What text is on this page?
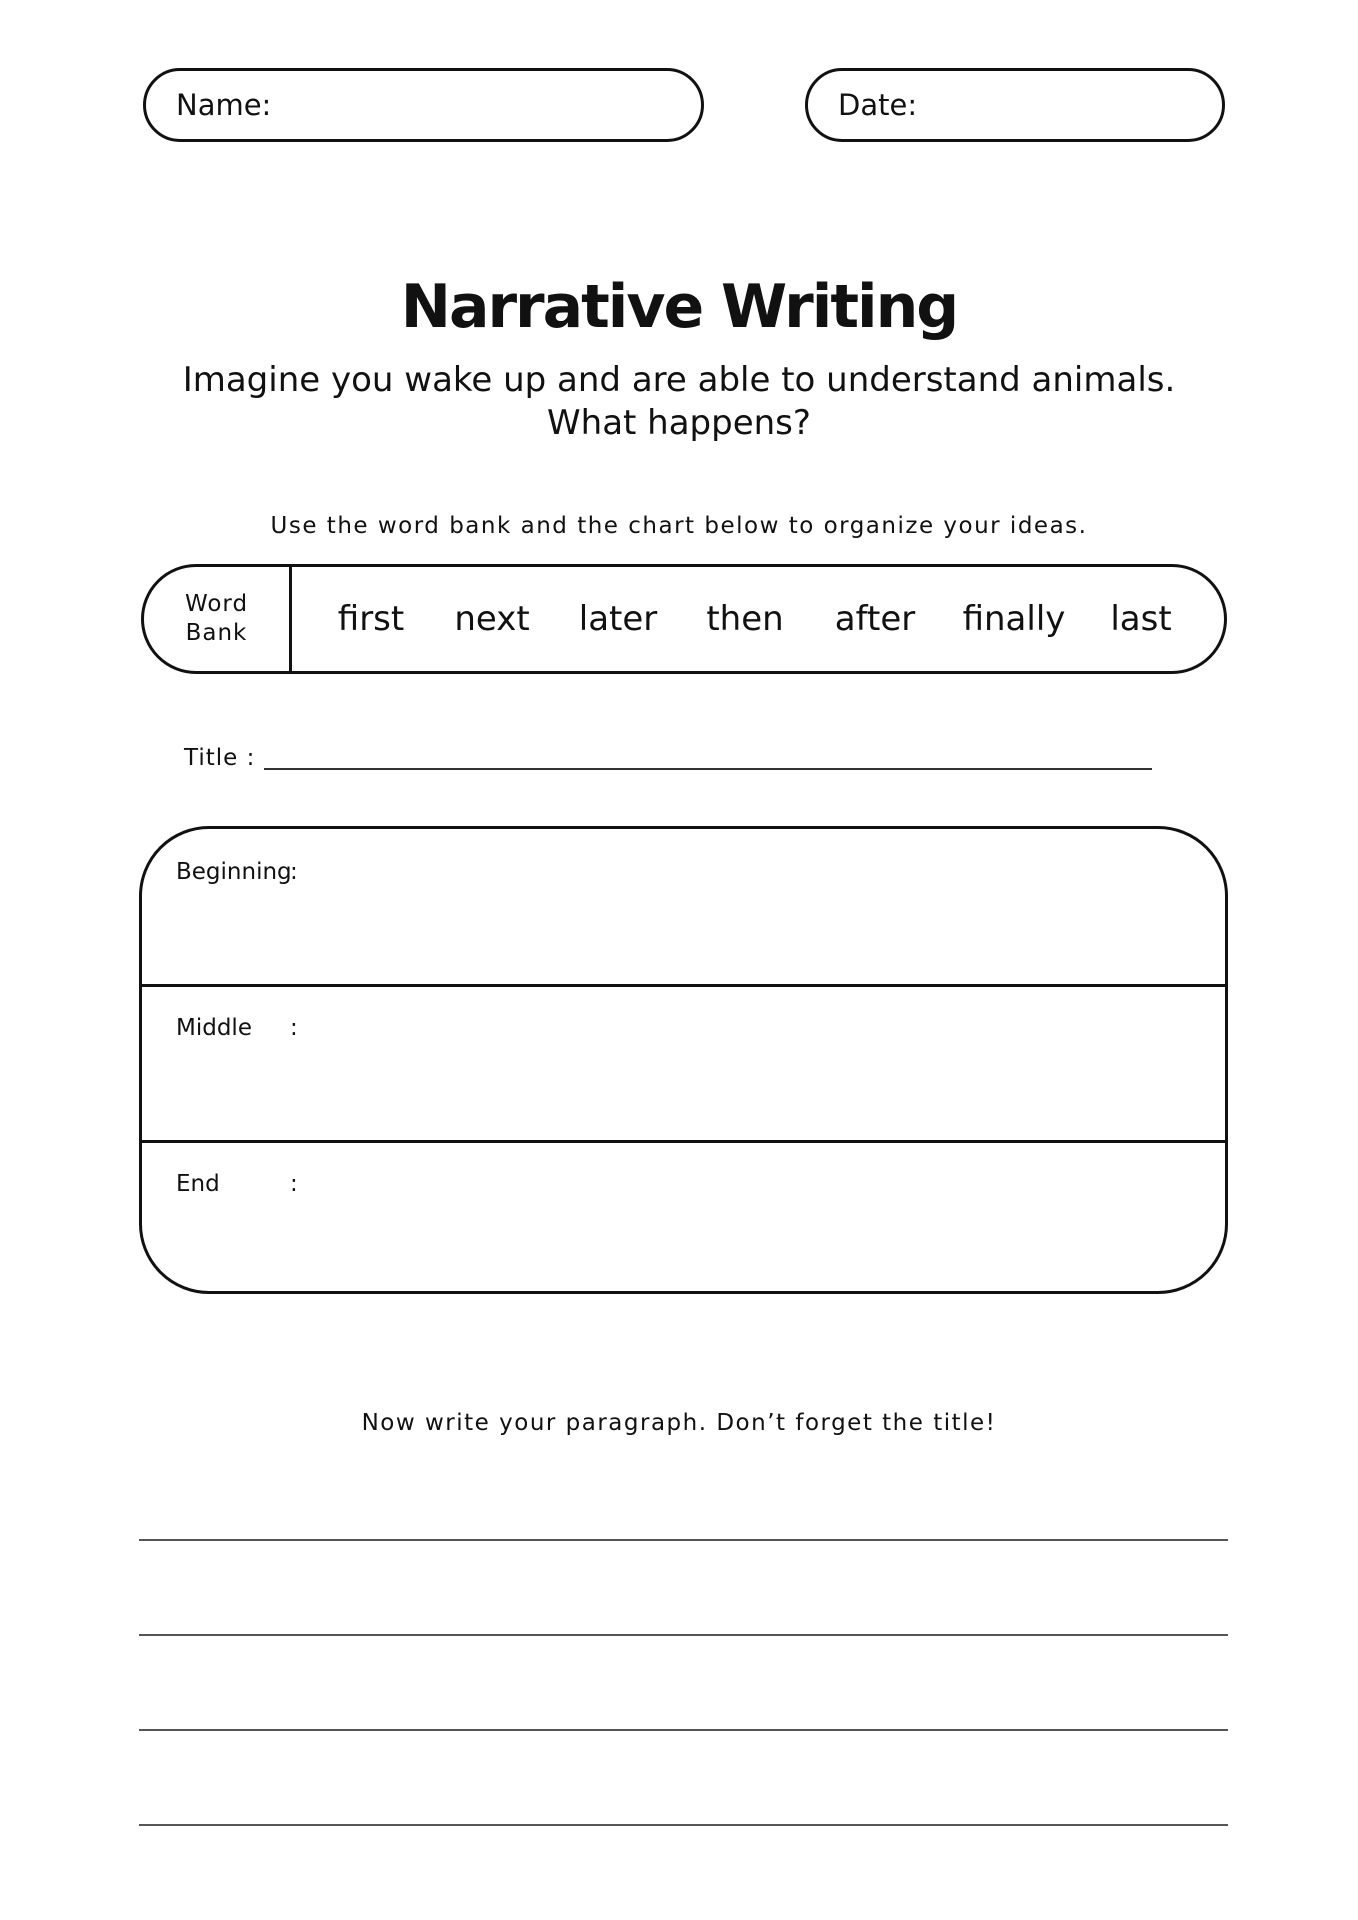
Name:	Date:
Narrative Writing
Imagine you wake up and are able to understand animals.
What happens?
Use the word bank and the chart below to organize your ideas.
Word
Bank	first next later then after finally last
Title :
Beginning
:
Middle :
End	:
Now write your paragraph. Don’t forget the title!
